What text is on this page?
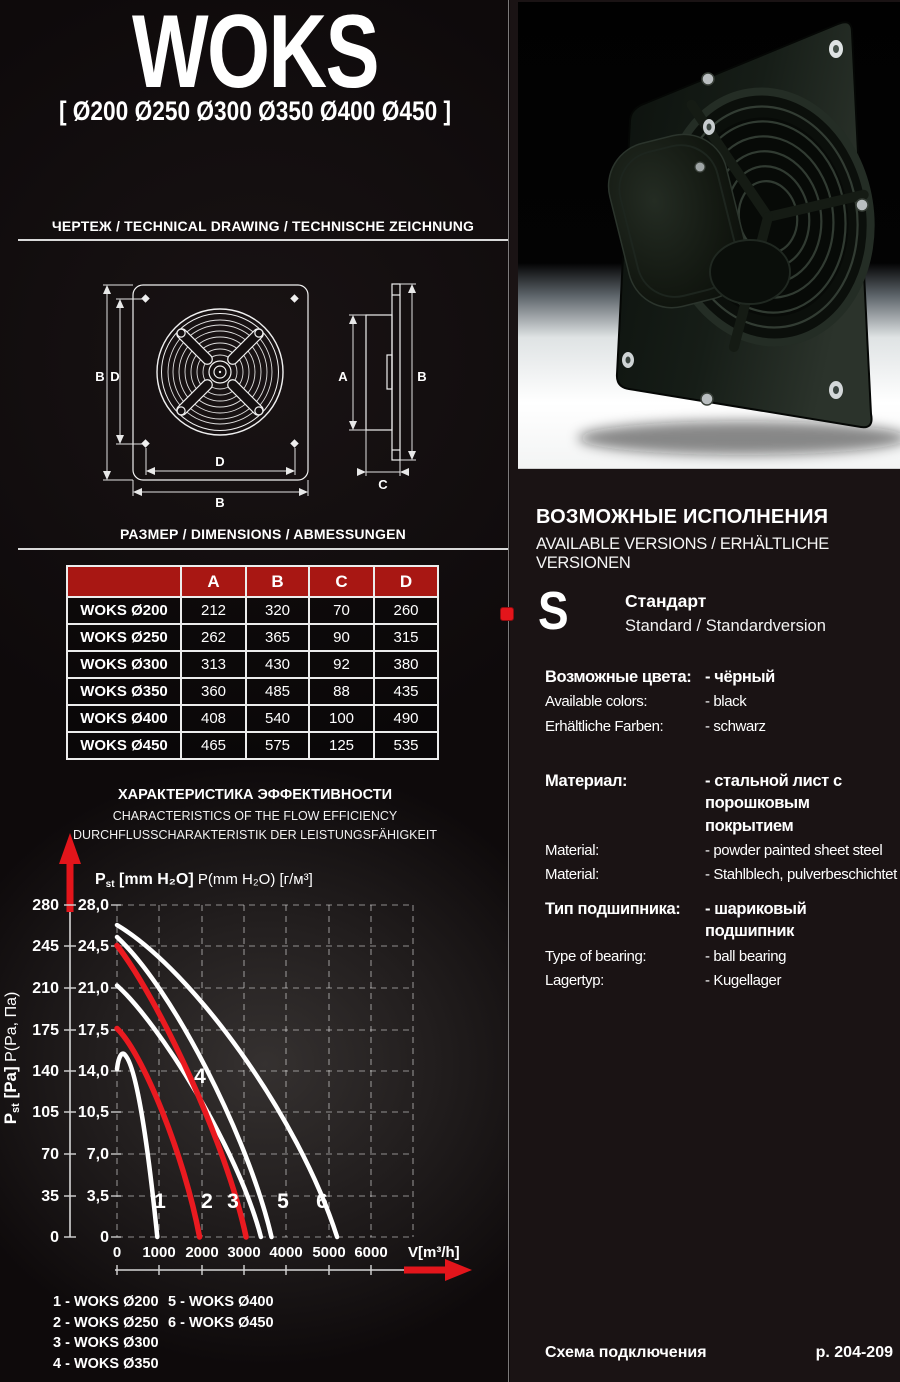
WOKS
[ Ø200 Ø250 Ø300 Ø350 Ø400 Ø450 ]
ЧЕРТЕЖ / TECHNICAL DRAWING / TECHNISCHE ZEICHNUNG
B D
D
B
A	B
C
РАЗМЕР / DIMENSIONS / ABMESSUNGEN
	A	B	C	D
WOKS Ø200	212	320	70	260
WOKS Ø250	262	365	90	315
WOKS Ø300	313	430	92	380
WOKS Ø350	360	485	88	435
WOKS Ø400	408	540	100	490
WOKS Ø450	465	575	125	535
ХАРАКТЕРИСТИКА ЭФФЕКТИВНОСТИ
CHARACTERISTICS OF THE FLOW EFFICIENCY
DURCHFLUSSCHARAKTERISTIK DER LEISTUNGSFÄHIGKEIT
280
245
210
175
140
105
70
35
0
28,0
24,5
21,0
17,5
14,0
10,5
7,0
3,5
0
Pst [Pa] P(Pa, Па)
Pst [mm H₂O] P(mm H₂O) [г/м³]
1 2 3
4
5 6
0 1000 2000 3000 4000 5000 6000 V[m³/h]
1 - WOKS Ø200
2 - WOKS Ø250
3 - WOKS Ø300
4 - WOKS Ø350
5 - WOKS Ø400
6 - WOKS Ø450
ВОЗМОЖНЫЕ ИСПОЛНЕНИЯ
AVAILABLE VERSIONS / ERHÄLTLICHE VERSIONEN
S	Стандарт
Standard / Standardversion
Возможные цвета: - чёрный
Available colors:	- black
Erhältliche Farben:	- schwarz
Материал:	- стальной лист с порошковым покрытием
Material:	- powder painted sheet steel
Material:	- Stahlblech, pulverbeschichtet
Тип подшипника:	- шариковый подшипник
Type of bearing:	- ball bearing
Lagertyp:	- Kugellager
Схема подключения	p. 204-209
